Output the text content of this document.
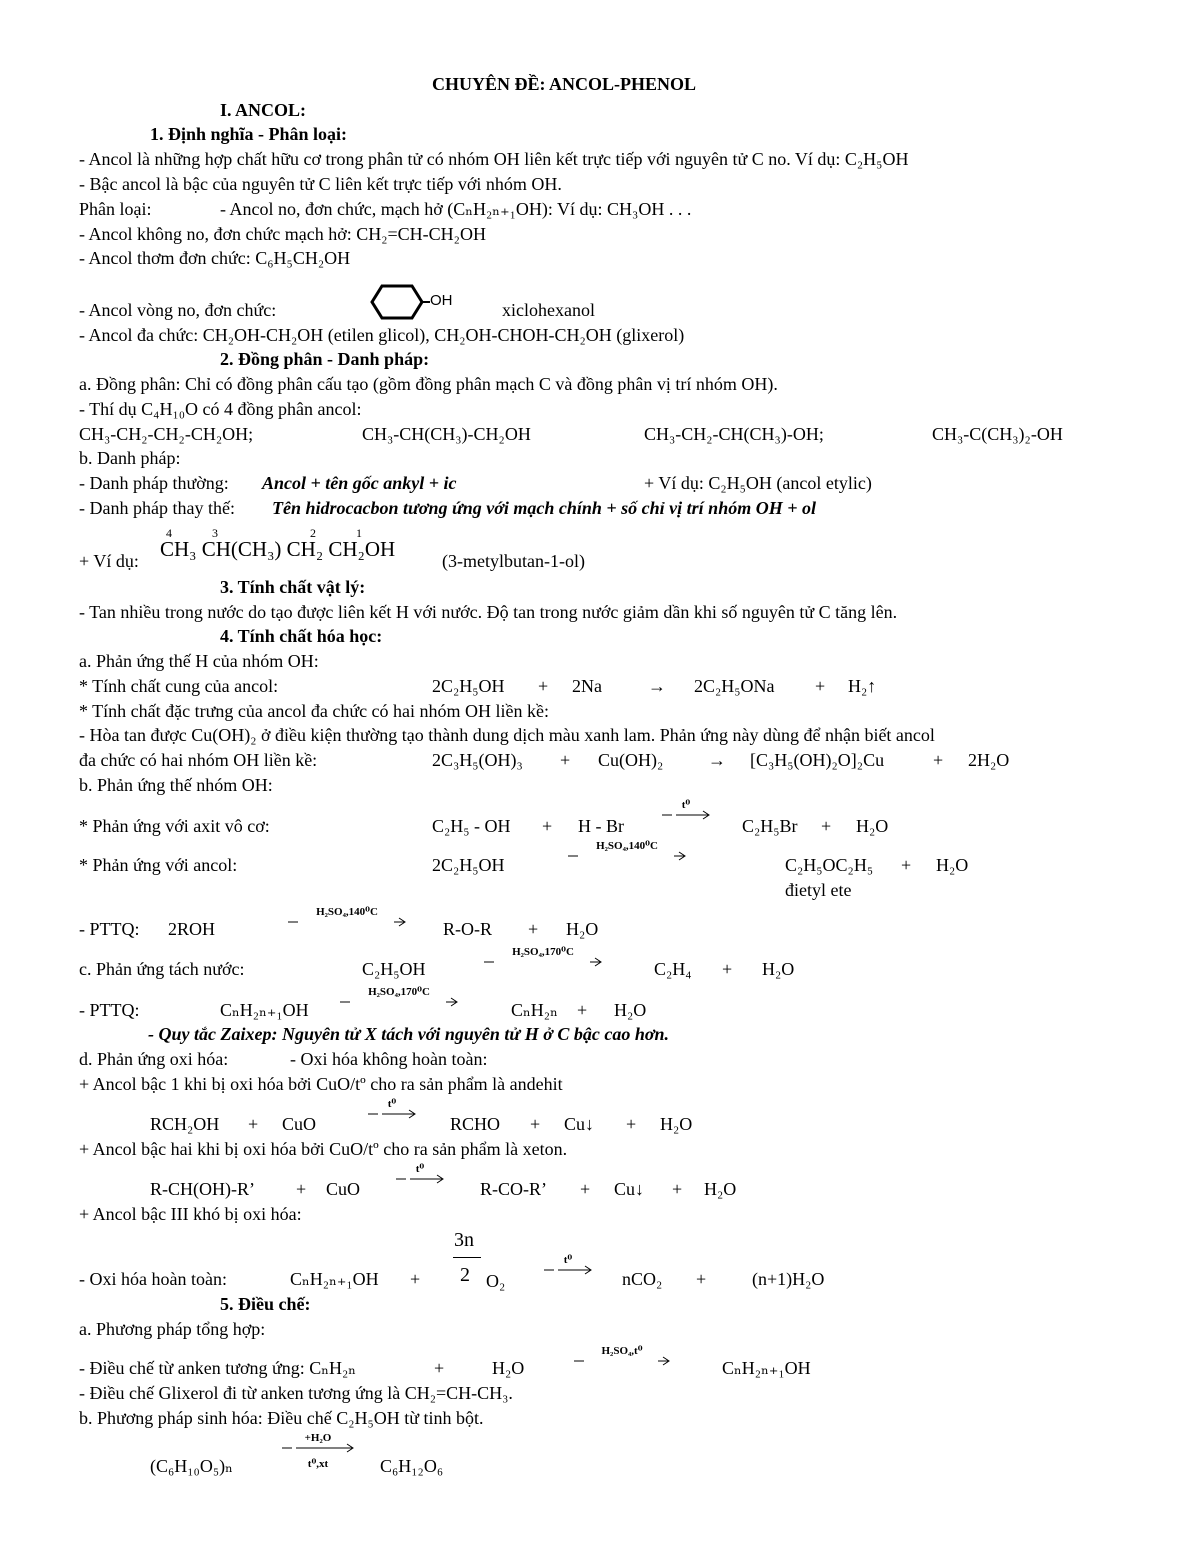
CHUYÊN ĐỀ: ANCOL-PHENOL
I. ANCOL:
1. Định nghĩa - Phân loại:
- Ancol là những hợp chất hữu cơ trong phân tử có nhóm OH liên kết trực tiếp với nguyên tử C no. Ví dụ: C₂H₅OH
- Bậc ancol là bậc của nguyên tử C liên kết trực tiếp với nhóm OH.
Phân loại:	- Ancol no, đơn chức, mạch hở (CₙH₂ₙ₊₁OH): Ví dụ: CH₃OH . . .
- Ancol không no, đơn chức mạch hở: CH₂=CH-CH₂OH
- Ancol thơm đơn chức: C₆H₅CH₂OH
- Ancol vòng no, đơn chức:	OH	xiclohexanol
- Ancol đa chức: CH₂OH-CH₂OH (etilen glicol), CH₂OH-CHOH-CH₂OH (glixerol)
2. Đồng phân - Danh pháp:
a. Đồng phân: Chỉ có đồng phân cấu tạo (gồm đồng phân mạch C và đồng phân vị trí nhóm OH).
- Thí dụ C₄H₁₀O có 4 đồng phân ancol:
CH₃-CH₂-CH₂-CH₂OH;	CH₃-CH(CH₃)-CH₂OH	CH₃-CH₂-CH(CH₃)-OH;	CH₃-C(CH₃)₂-OH
b. Danh pháp:
- Danh pháp thường: Ancol + tên gốc ankyl + ic	+ Ví dụ: C₂H₅OH (ancol etylic)
- Danh pháp thay thế: Tên hidrocacbon tương ứng với mạch chính + số chỉ vị trí nhóm OH + ol
+ Ví dụ:
4	3	2	1
CH₃ CH(CH₃) CH₂ CH₂OH	(3-metylbutan-1-ol)
3. Tính chất vật lý:
- Tan nhiều trong nước do tạo được liên kết H với nước. Độ tan trong nước giảm dần khi số nguyên tử C tăng lên.
4. Tính chất hóa học:
a. Phản ứng thế H của nhóm OH:
* Tính chất cung của ancol:	2C₂H₅OH + 2Na	→ 2C₂H₅ONa + H₂↑
* Tính chất đặc trưng của ancol đa chức có hai nhóm OH liền kề:
- Hòa tan được Cu(OH)₂ ở điều kiện thường tạo thành dung dịch màu xanh lam. Phản ứng này dùng để nhận biết ancol
đa chức có hai nhóm OH liền kề:	2C₃H₅(OH)₃ + Cu(OH)₂ → [C₃H₅(OH)₂O]₂Cu	+ 2H₂O
b. Phản ứng thế nhóm OH:
* Phản ứng với axit vô cơ:	C₂H₅ - OH + H - Br
t⁰
C₂H₅Br + H₂O
* Phản ứng với ancol:	2C₂H₅OH
H₂SO₄,140⁰C
C₂H₅OC₂H₅ + H₂O
đietyl ete
- PTTQ: 2ROH
H₂SO₄,140⁰C
R-O-R + H₂O
c. Phản ứng tách nước:	C₂H₅OH
H₂SO₄,170⁰C
C₂H₄ + H₂O
- PTTQ:	CₙH₂ₙ₊₁OH
H₂SO₄,170⁰C
CₙH₂ₙ + H₂O
- Quy tắc Zaixep: Nguyên tử X tách với nguyên tử H ở C bậc cao hơn.
d. Phản ứng oxi hóa:	- Oxi hóa không hoàn toàn:
+ Ancol bậc 1 khi bị oxi hóa bởi CuO/tº cho ra sản phẩm là andehit
RCH₂OH + CuO
t⁰
RCHO + Cu↓ + H₂O
+ Ancol bậc hai khi bị oxi hóa bởi CuO/tº cho ra sản phẩm là xeton.
R-CH(OH)-R’ + CuO
t⁰
R-CO-R’ + Cu↓ + H₂O
+ Ancol bậc III khó bị oxi hóa:
- Oxi hóa hoàn toàn:	CₙH₂ₙ₊₁OH +
3n
2 O₂
t⁰
nCO₂ +	(n+1)H₂O
5. Điều chế:
a. Phương pháp tổng hợp:
- Điều chế từ anken tương ứng: CₙH₂ₙ	+	H₂O
H₂SO₄,t⁰
CₙH₂ₙ₊₁OH
- Điều chế Glixerol đi từ anken tương ứng là CH₂=CH-CH₃.
b. Phương pháp sinh hóa: Điều chế C₂H₅OH từ tinh bột.
(C₆H₁₀O₅)ₙ
+H₂O
t⁰,xt	C₆H₁₂O₆
